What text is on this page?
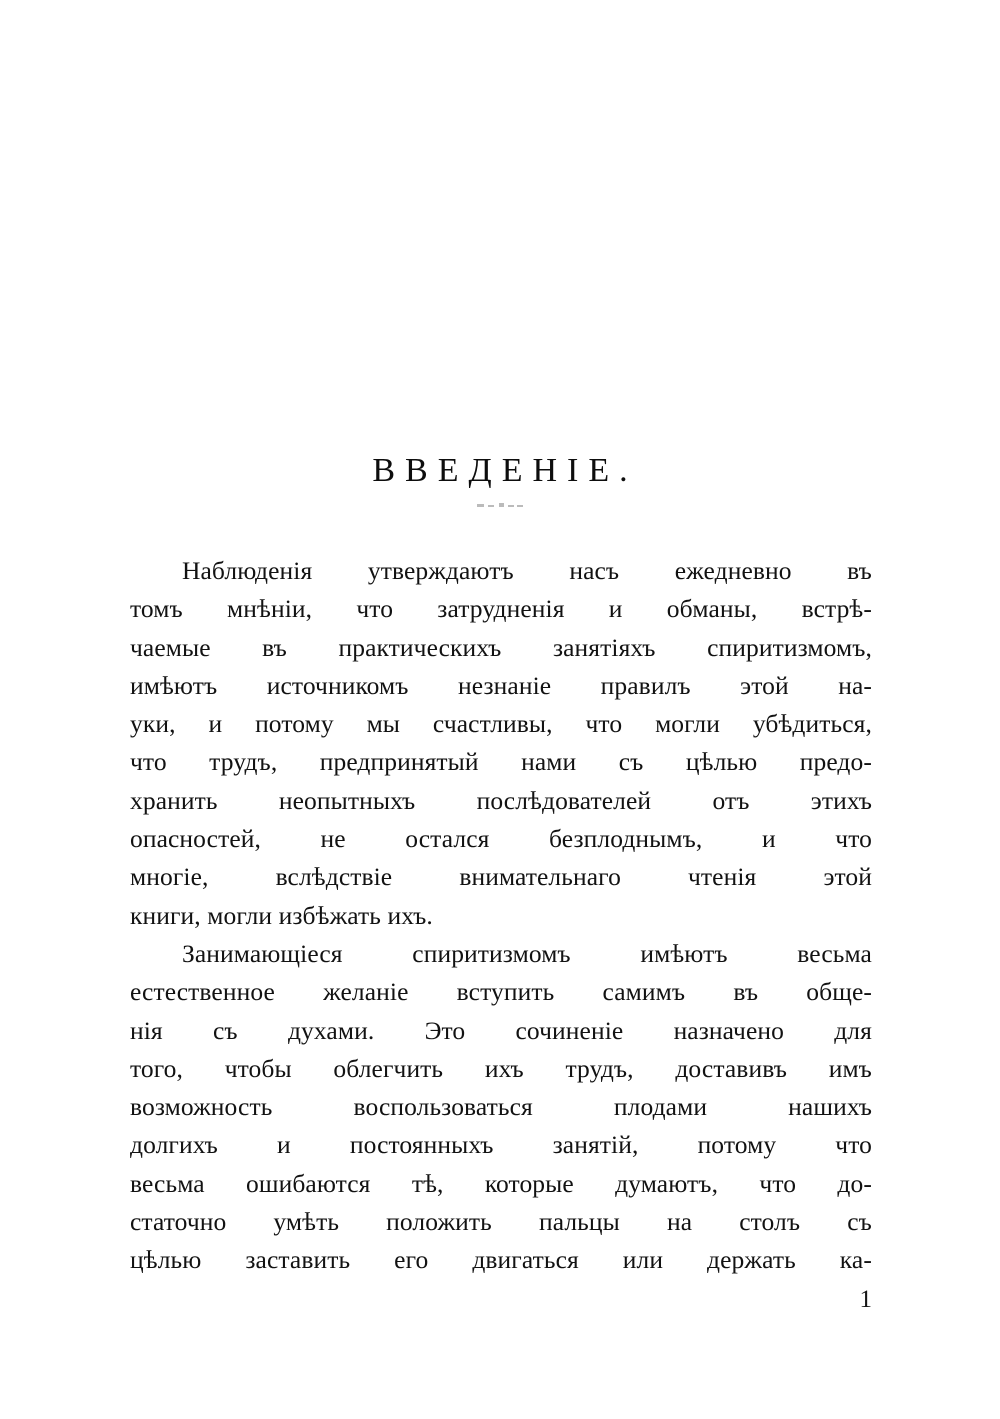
ВВЕДЕНІЕ.
Наблюденія утверждаютъ насъ ежедневно въ
томъ мнѣніи, что затрудненія и обманы, встрѣ-
чаемые въ практическихъ занятіяхъ спиритизмомъ,
имѣютъ источникомъ незнаніе правилъ этой на-
уки, и потому мы счастливы, что могли убѣдиться,
что трудъ, предпринятый нами съ цѣлью предо-
хранить неопытныхъ послѣдователей отъ этихъ
опасностей, не остался безплоднымъ, и что
многіе,	вслѣдствіе	внимательнаго	чтенія	этой
книги, могли избѣжать ихъ.
Занимающіеся	спиритизмомъ	имѣютъ	весьма
естественное желаніе вступить самимъ въ обще-
нія съ духами. Это сочиненіе назначено для
того, чтобы облегчить ихъ трудъ, доставивъ имъ
возможность	воспользоваться	плодами	нашихъ
долгихъ и постоянныхъ занятій, потому что
весьма ошибаются тѣ, которые думаютъ, что до-
статочно умѣть положить пальцы на столъ съ
цѣлью заставить его двигаться или держать ка-
1
